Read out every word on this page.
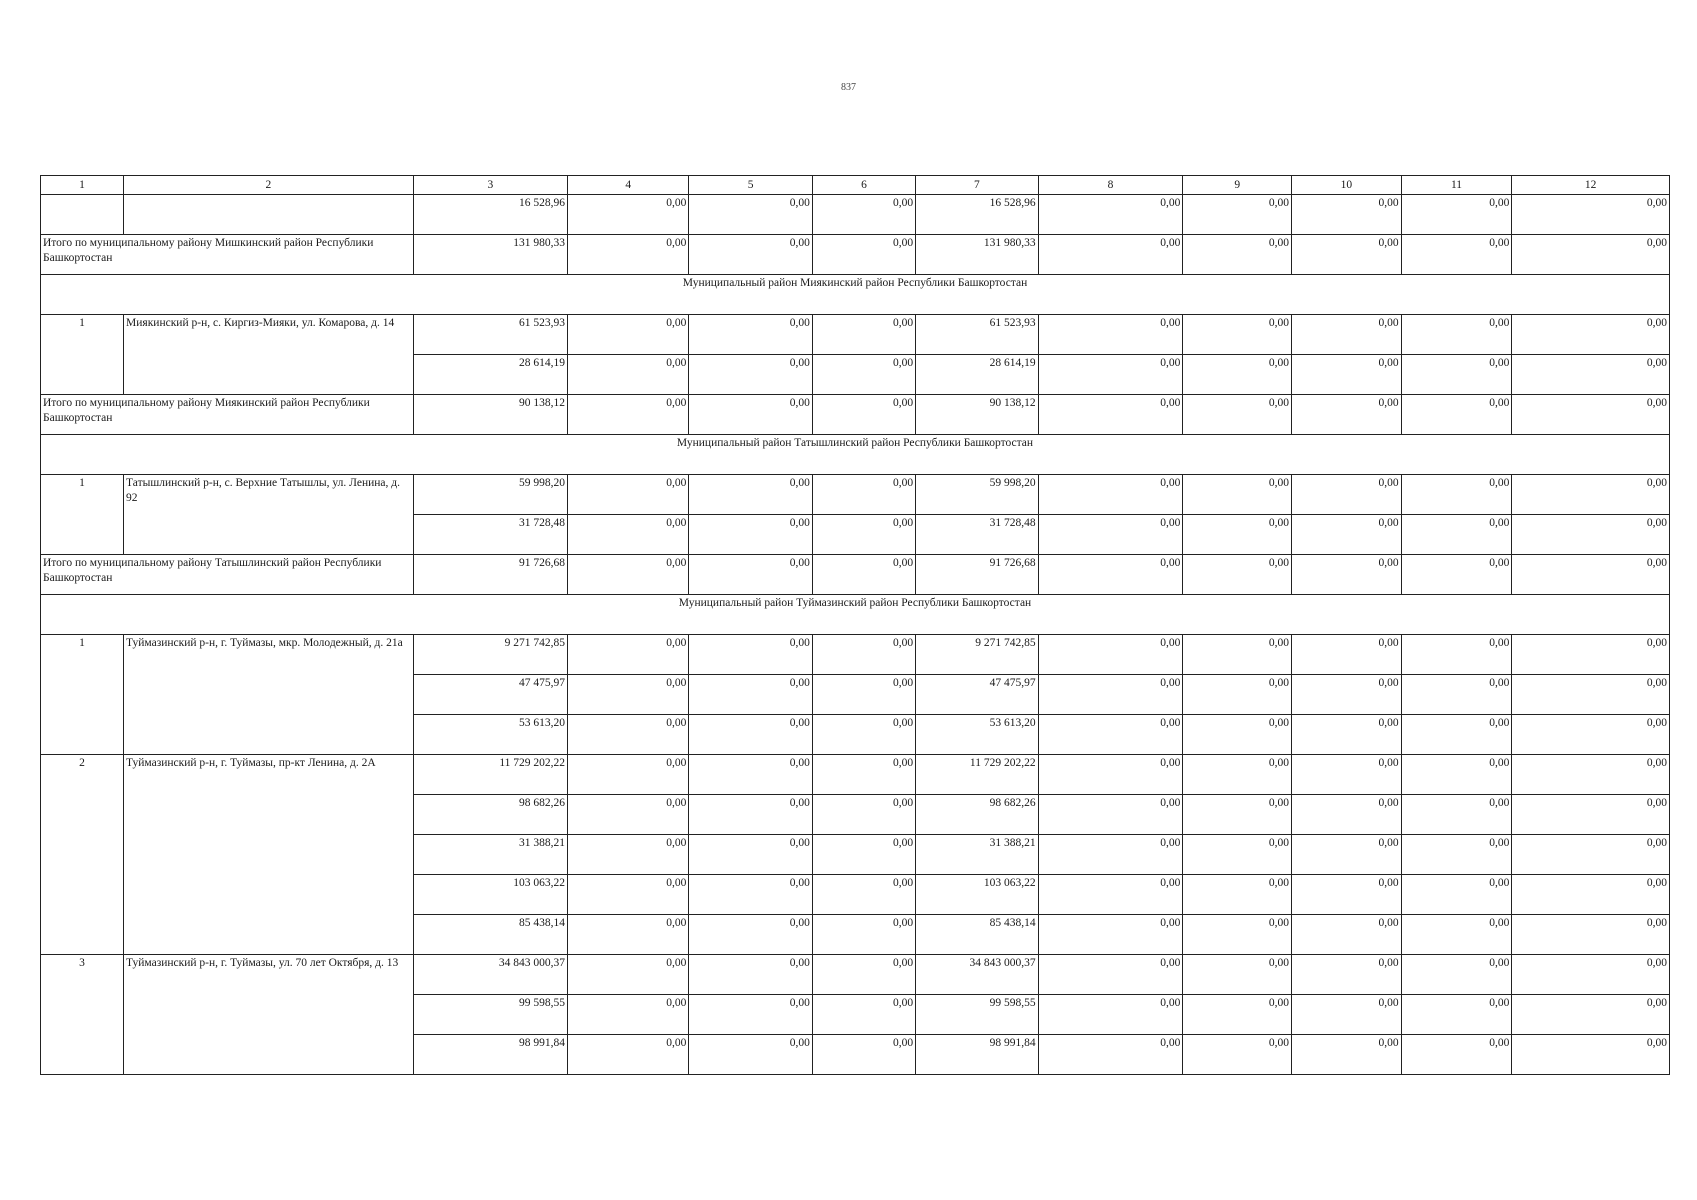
837
1	2	3	4	5	6	7	8	9	10	11	12
		16 528,96	0,00	0,00	0,00	16 528,96	0,00	0,00	0,00	0,00	0,00
Итого по муниципальному району Мишкинский район Республики Башкортостан		131 980,33	0,00	0,00	0,00	131 980,33	0,00	0,00	0,00	0,00	0,00
Муниципальный район Миякинский район Республики Башкортостан											
1	Миякинский р-н, с. Киргиз-Мияки, ул. Комарова, д. 14	61 523,93	0,00	0,00	0,00	61 523,93	0,00	0,00	0,00	0,00	0,00
		28 614,19	0,00	0,00	0,00	28 614,19	0,00	0,00	0,00	0,00	0,00
Итого по муниципальному району Миякинский район Республики Башкортостан		90 138,12	0,00	0,00	0,00	90 138,12	0,00	0,00	0,00	0,00	0,00
Муниципальный район Татышлинский район Республики Башкортостан											
1	Татышлинский р-н, с. Верхние Татышлы, ул. Ленина, д. 92	59 998,20	0,00	0,00	0,00	59 998,20	0,00	0,00	0,00	0,00	0,00
		31 728,48	0,00	0,00	0,00	31 728,48	0,00	0,00	0,00	0,00	0,00
Итого по муниципальному району Татышлинский район Республики Башкортостан		91 726,68	0,00	0,00	0,00	91 726,68	0,00	0,00	0,00	0,00	0,00
Муниципальный район Туймазинский район Республики Башкортостан											
1	Туймазинский р-н, г. Туймазы, мкр. Молодежный, д. 21а	9 271 742,85	0,00	0,00	0,00	9 271 742,85	0,00	0,00	0,00	0,00	0,00
		47 475,97	0,00	0,00	0,00	47 475,97	0,00	0,00	0,00	0,00	0,00
		53 613,20	0,00	0,00	0,00	53 613,20	0,00	0,00	0,00	0,00	0,00
2	Туймазинский р-н, г. Туймазы, пр-кт Ленина, д. 2А	11 729 202,22	0,00	0,00	0,00	11 729 202,22	0,00	0,00	0,00	0,00	0,00
		98 682,26	0,00	0,00	0,00	98 682,26	0,00	0,00	0,00	0,00	0,00
		31 388,21	0,00	0,00	0,00	31 388,21	0,00	0,00	0,00	0,00	0,00
		103 063,22	0,00	0,00	0,00	103 063,22	0,00	0,00	0,00	0,00	0,00
		85 438,14	0,00	0,00	0,00	85 438,14	0,00	0,00	0,00	0,00	0,00
3	Туймазинский р-н, г. Туймазы, ул. 70 лет Октября, д. 13	34 843 000,37	0,00	0,00	0,00	34 843 000,37	0,00	0,00	0,00	0,00	0,00
		99 598,55	0,00	0,00	0,00	99 598,55	0,00	0,00	0,00	0,00	0,00
		98 991,84	0,00	0,00	0,00	98 991,84	0,00	0,00	0,00	0,00	0,00
